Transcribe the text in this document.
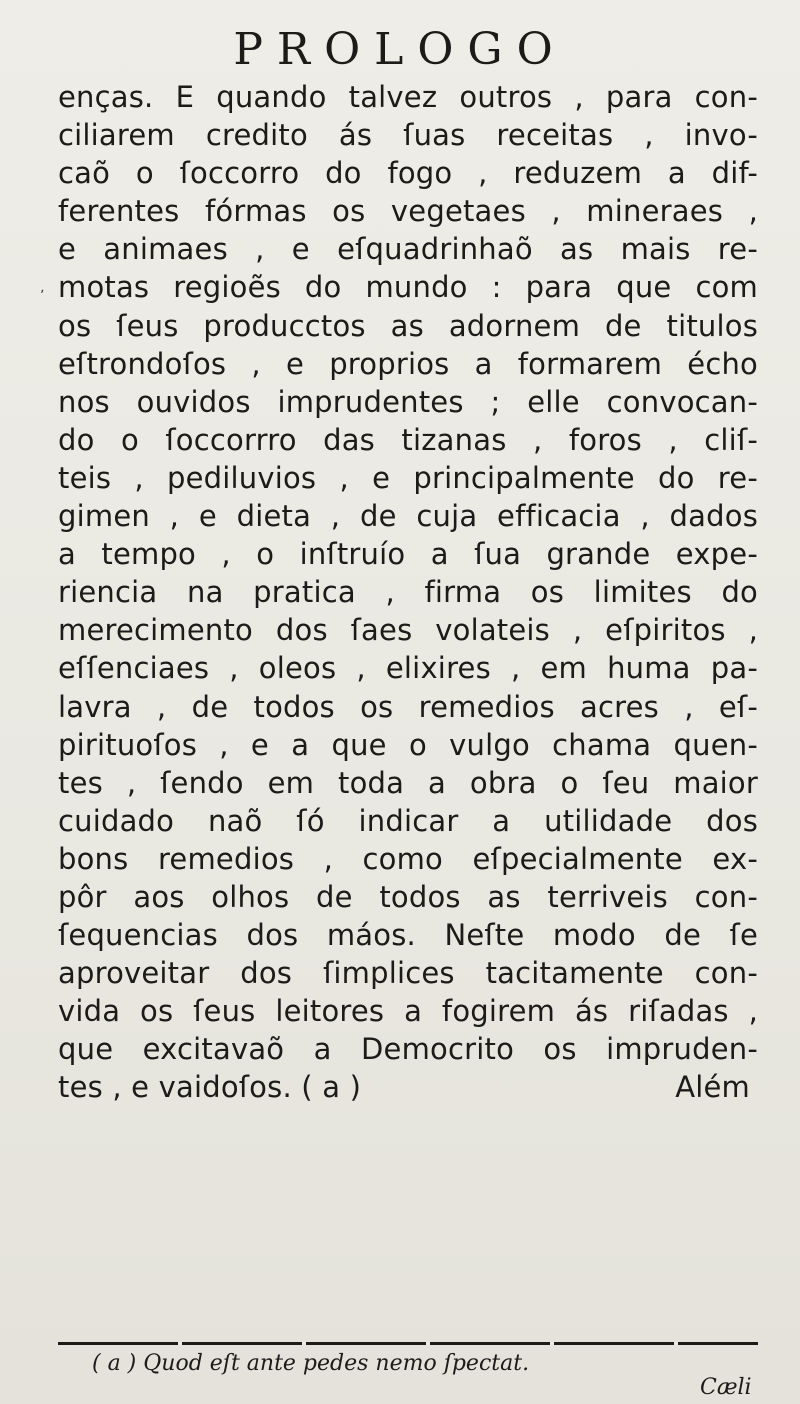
PROLOGO
ʼ
enças. E quando talvez outros , para con-
ciliarem credito ás ſuas receitas , invo-
caõ o ſoccorro do fogo , reduzem a dif-
ferentes fórmas os vegetaes , mineraes ,
e animaes , e eſquadrinhaõ as mais re-
motas regioẽs do mundo : para que com
os ſeus producctos as adornem de titulos
eſtrondoſos , e proprios a formarem écho
nos ouvidos imprudentes ; elle convocan-
do o ſoccorrro das tizanas , foros , cliſ-
teis , pediluvios , e principalmente do re-
gimen , e dieta , de cuja efficacia , dados
a tempo , o inſtruío a ſua grande expe-
riencia na pratica , firma os limites do
merecimento dos ſaes volateis , eſpiritos ,
eſſenciaes , oleos , elixires , em huma pa-
lavra , de todos os remedios acres , eſ-
pirituoſos , e a que o vulgo chama quen-
tes , ſendo em toda a obra o ſeu maior
cuidado naõ ſó indicar a utilidade dos
bons remedios , como eſpecialmente ex-
pôr aos olhos de todos as terriveis con-
ſequencias dos máos. Neſte modo de ſe
aproveitar dos ſimplices tacitamente con-
vida os ſeus leitores a fogirem ás riſadas ,
que excitavaõ a Democrito os impruden-
tes , e vaidoſos. ( a )	Além
( a ) Quod eſt ante pedes nemo ſpectat.
Cæli
